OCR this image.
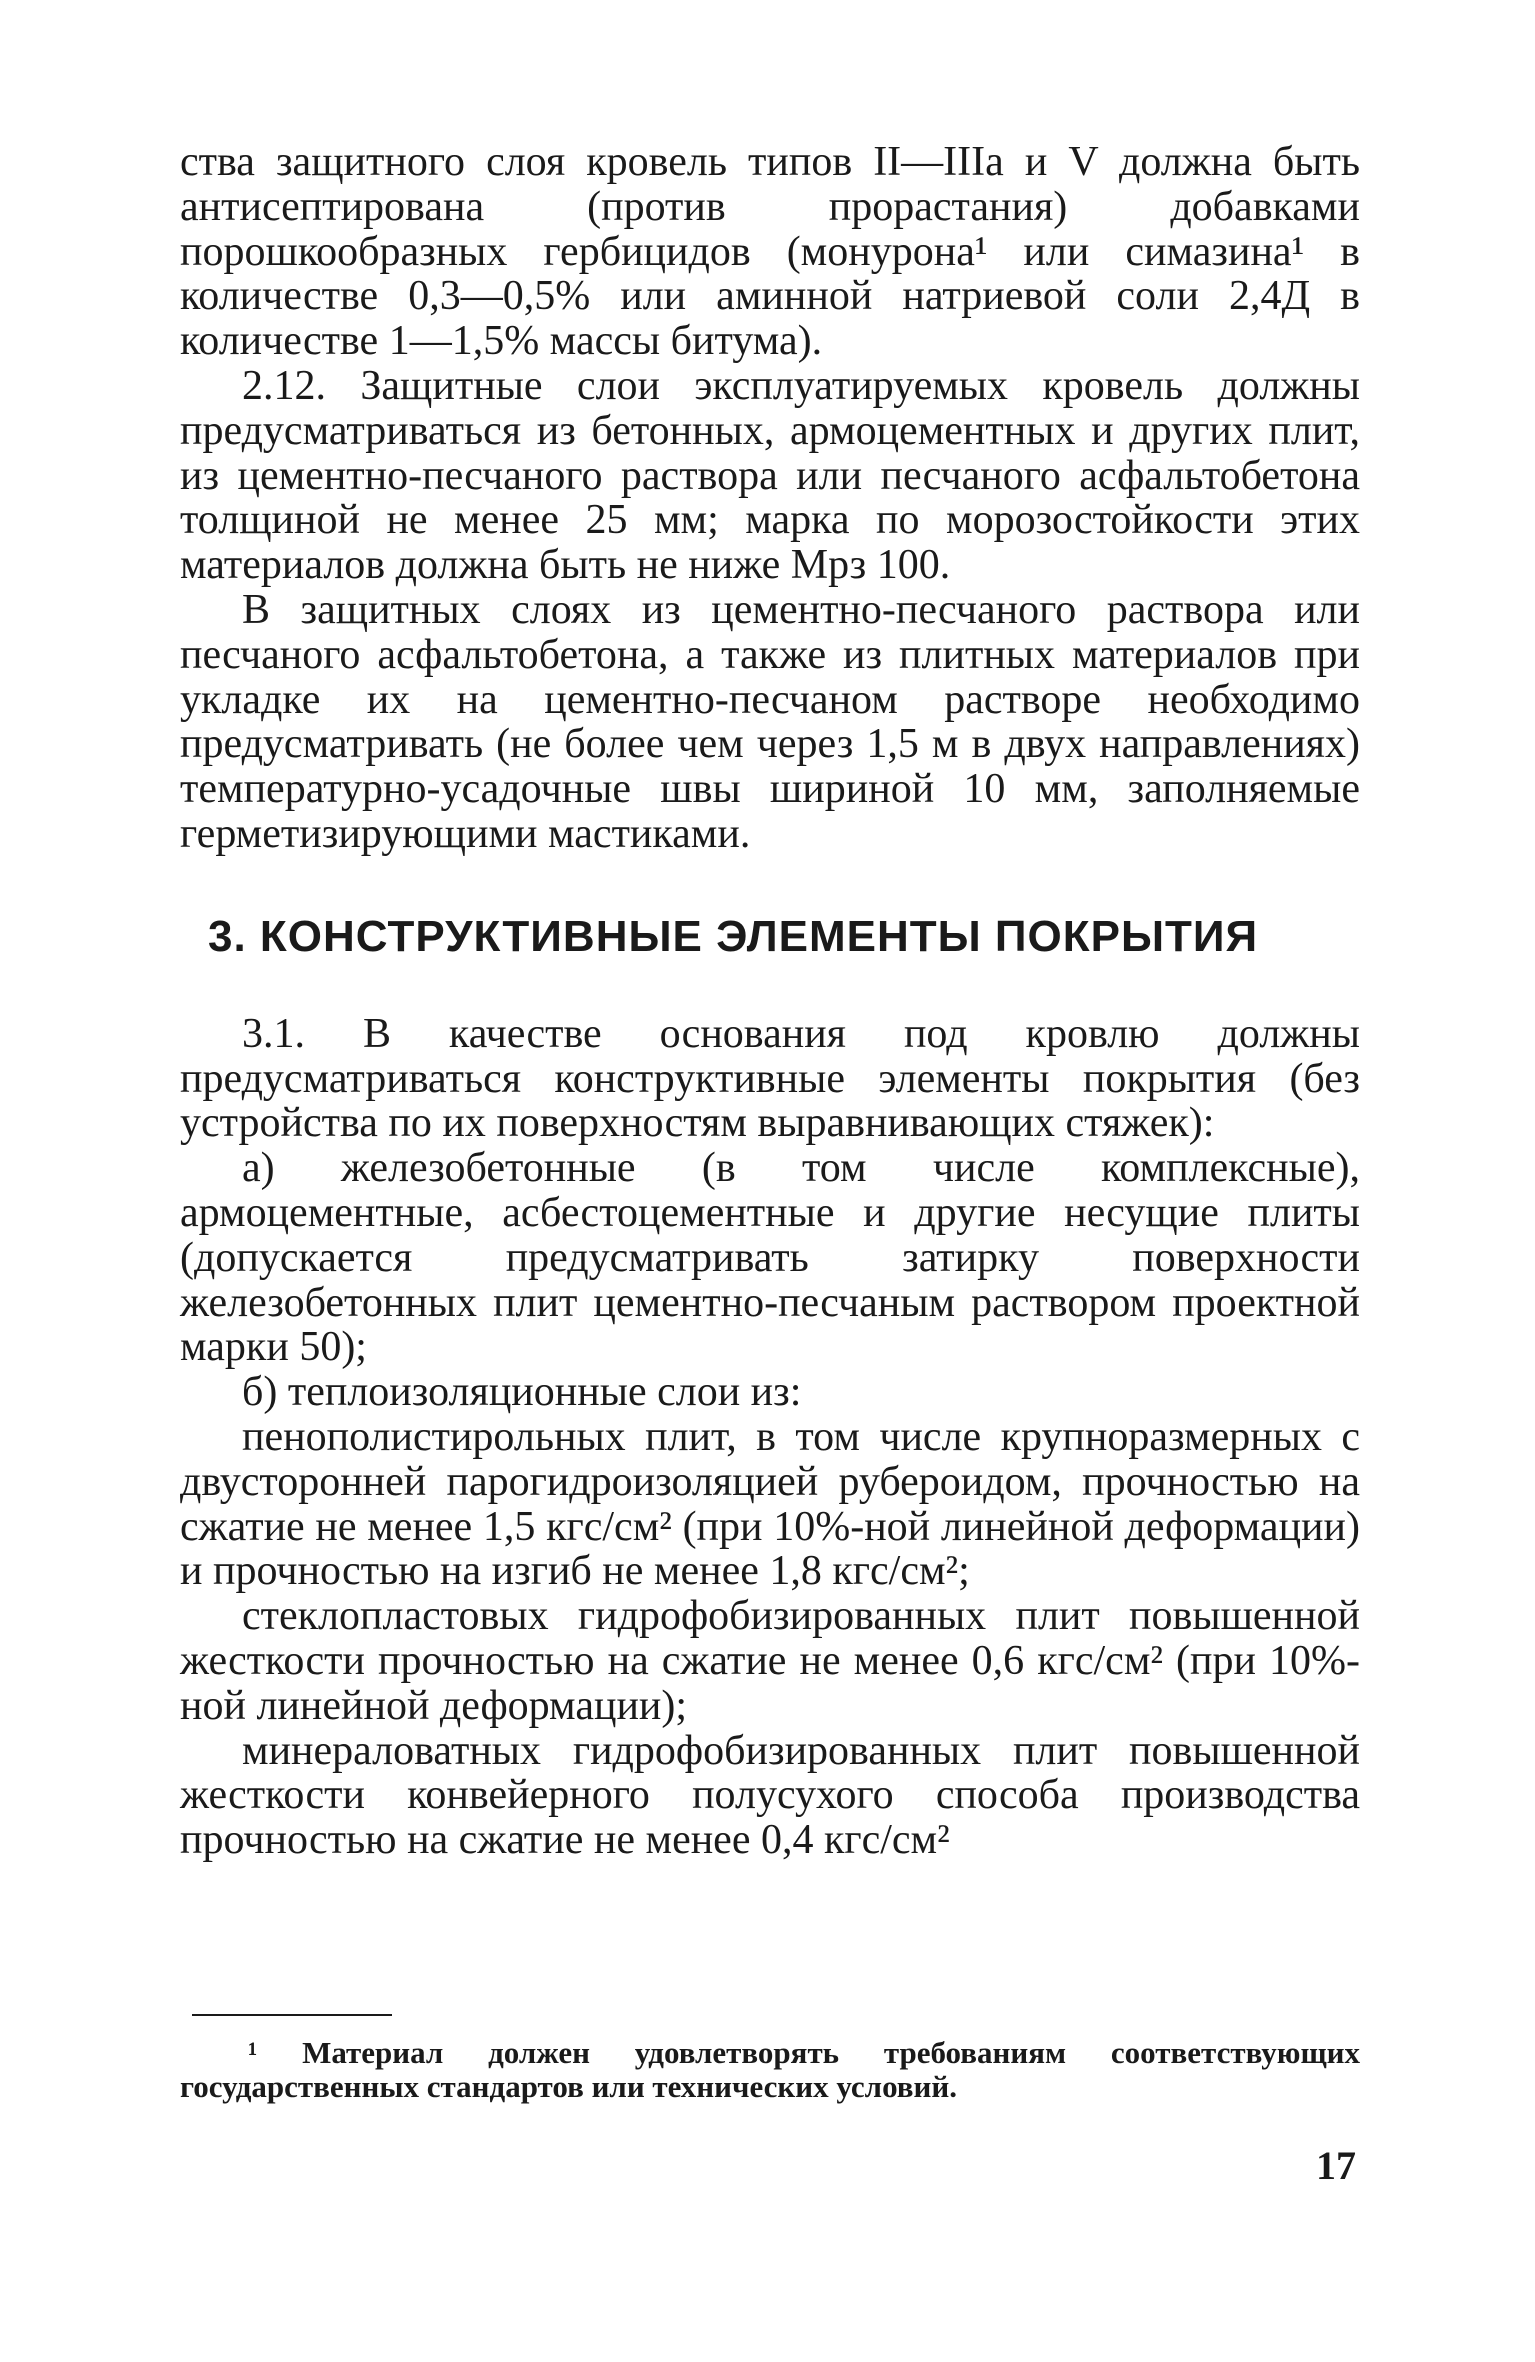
ства защитного слоя кровель типов II—IIIа и V должна быть антисептирована (против прорастания) добавками порошкообразных гербицидов (монурона¹ или симазина¹ в количестве 0,3—0,5% или аминной натриевой соли 2,4Д в количестве 1—1,5% массы битума).

2.12. Защитные слои эксплуатируемых кровель должны предусматриваться из бетонных, армоцементных и других плит, из цементно-песчаного раствора или песчаного асфальтобетона толщиной не менее 25 мм; марка по морозостойкости этих материалов должна быть не ниже Мрз 100.

В защитных слоях из цементно-песчаного раствора или песчаного асфальтобетона, а также из плитных материалов при укладке их на цементно-песчаном растворе необходимо предусматривать (не более чем через 1,5 м в двух направлениях) температурно-усадочные швы шириной 10 мм, заполняемые герметизирующими мастиками.

3. КОНСТРУКТИВНЫЕ ЭЛЕМЕНТЫ ПОКРЫТИЯ

3.1. В качестве основания под кровлю должны предусматриваться конструктивные элементы покрытия (без устройства по их поверхностям выравнивающих стяжек):

а) железобетонные (в том числе комплексные), армоцементные, асбестоцементные и другие несущие плиты (допускается предусматривать затирку поверхности железобетонных плит цементно-песчаным раствором проектной марки 50);

б) теплоизоляционные слои из:

пенополистирольных плит, в том числе крупноразмерных с двусторонней парогидроизоляцией рубероидом, прочностью на сжатие не менее 1,5 кгс/см² (при 10%-ной линейной деформации) и прочностью на изгиб не менее 1,8 кгс/см²;

стеклопластовых гидрофобизированных плит повышенной жесткости прочностью на сжатие не менее 0,6 кгс/см² (при 10%-ной линейной деформации);

минераловатных гидрофобизированных плит повышенной жесткости конвейерного полусухого способа производства прочностью на сжатие не менее 0,4 кгс/см²

¹ Материал должен удовлетворять требованиям соответствующих государственных стандартов или технических условий.

17
